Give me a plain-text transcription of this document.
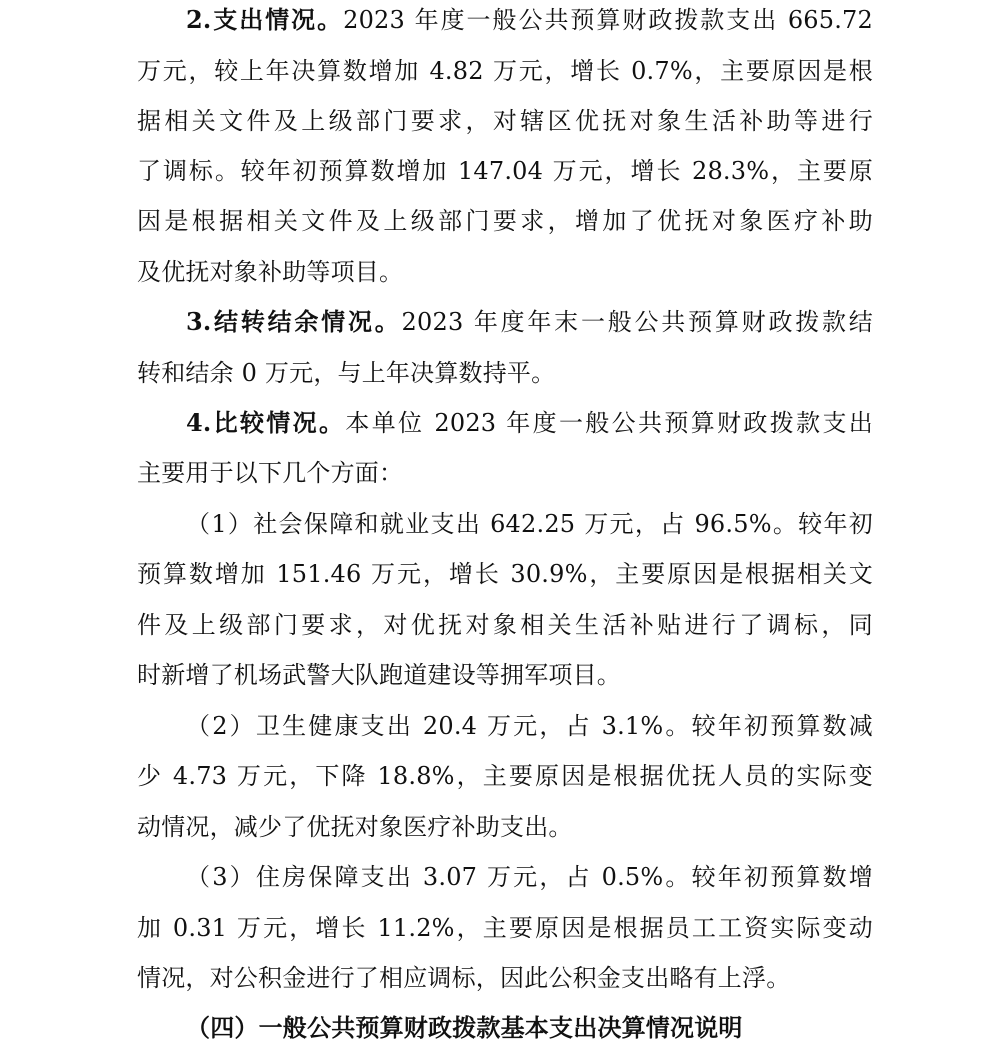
2.支出情况。2023 年度一般公共预算财政拨款支出 665.72
万元，较上年决算数增加 4.82 万元，增长 0.7%，主要原因是根
据相关文件及上级部门要求，对辖区优抚对象生活补助等进行
了调标。较年初预算数增加 147.04 万元，增长 28.3%，主要原
因是根据相关文件及上级部门要求，增加了优抚对象医疗补助
及优抚对象补助等项目。
3.结转结余情况。2023 年度年末一般公共预算财政拨款结
转和结余 0 万元，与上年决算数持平。
4.比较情况。本单位 2023 年度一般公共预算财政拨款支出
主要用于以下几个方面：
（1）社会保障和就业支出 642.25 万元，占 96.5%。较年初
预算数增加 151.46 万元，增长 30.9%，主要原因是根据相关文
件及上级部门要求，对优抚对象相关生活补贴进行了调标，同
时新增了机场武警大队跑道建设等拥军项目。
（2）卫生健康支出 20.4 万元，占 3.1%。较年初预算数减
少 4.73 万元，下降 18.8%，主要原因是根据优抚人员的实际变
动情况，减少了优抚对象医疗补助支出。
（3）住房保障支出 3.07 万元，占 0.5%。较年初预算数增
加 0.31 万元，增长 11.2%，主要原因是根据员工工资实际变动
情况，对公积金进行了相应调标，因此公积金支出略有上浮。
（四）一般公共预算财政拨款基本支出决算情况说明
